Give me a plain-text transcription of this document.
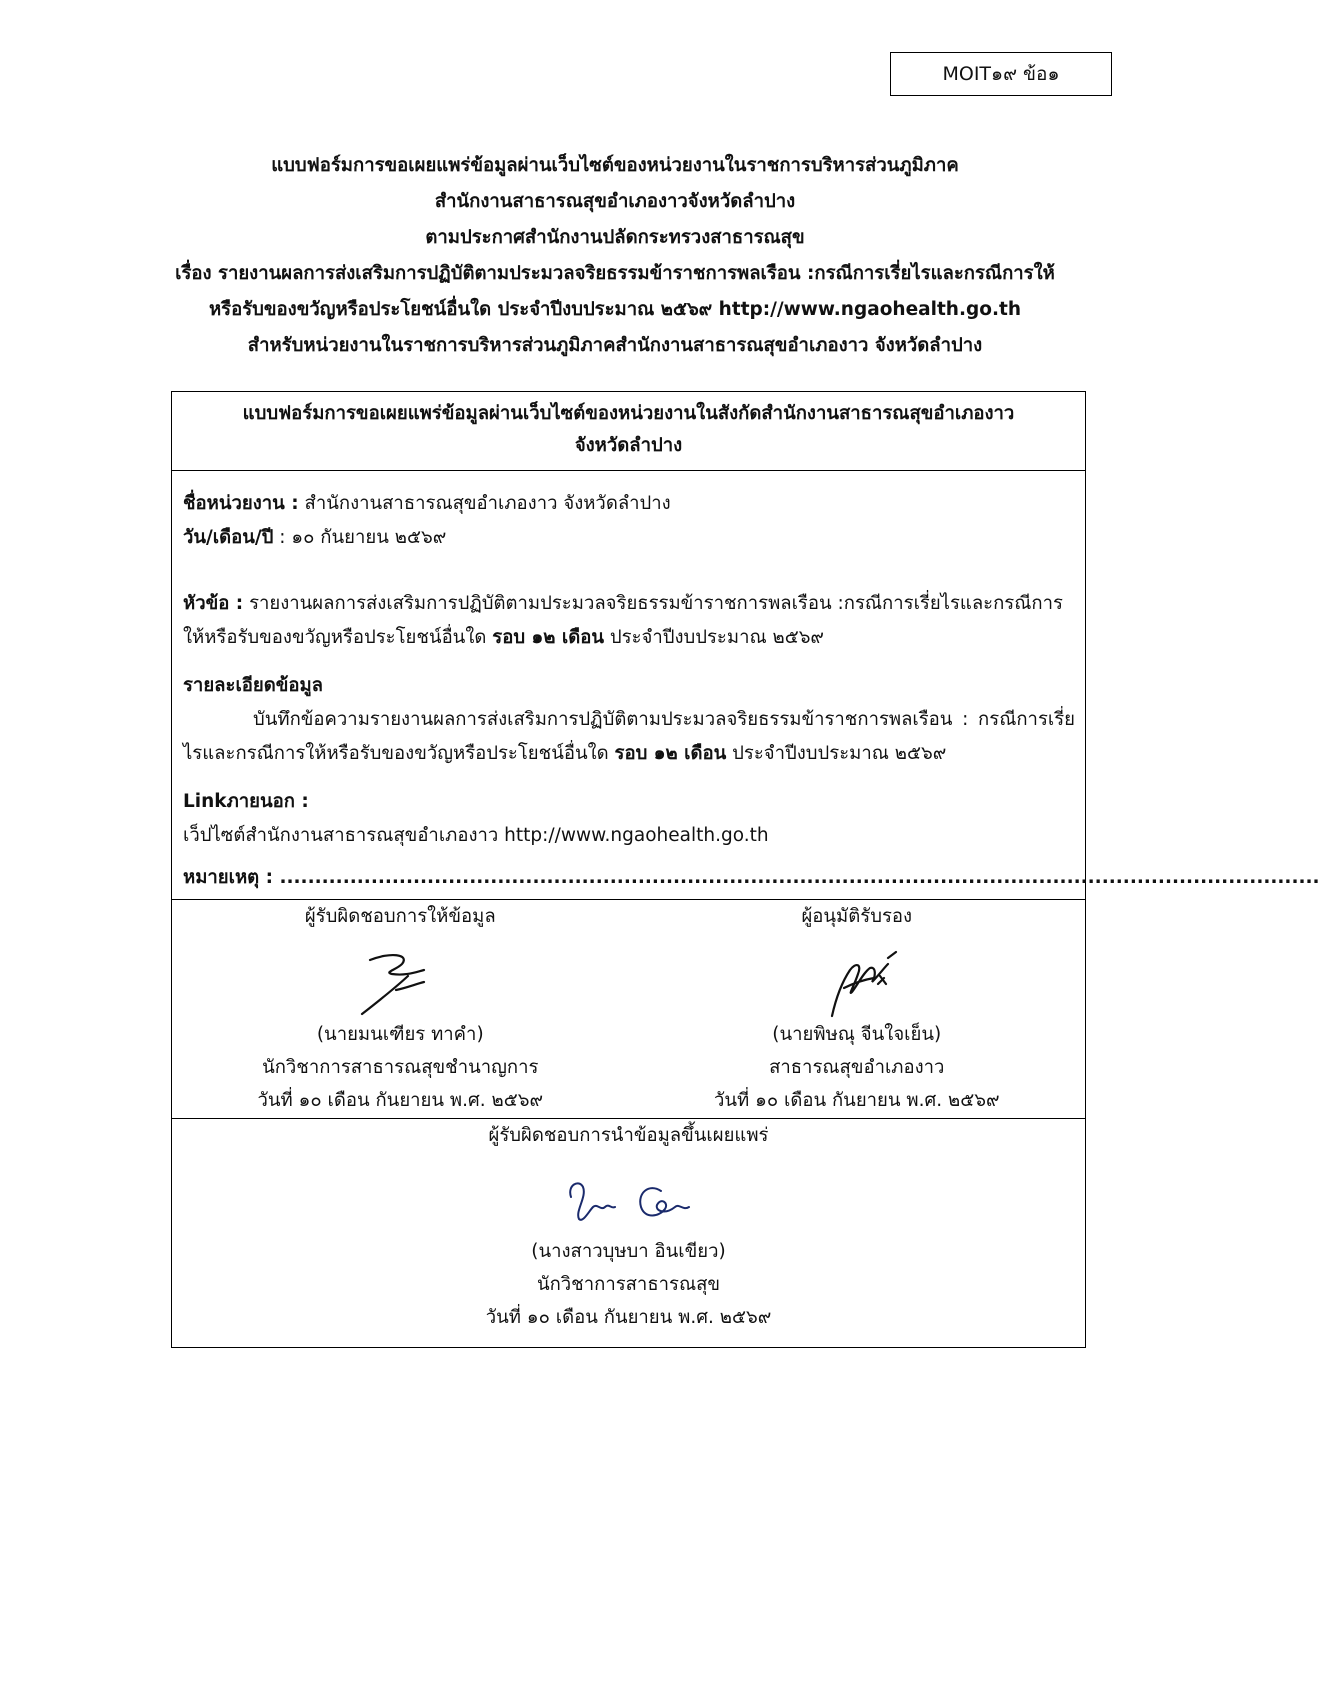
MOIT๑๙ ข้อ๑
แบบฟอร์มการขอเผยแพร่ข้อมูลผ่านเว็บไซต์ของหน่วยงานในราชการบริหารส่วนภูมิภาค
สำนักงานสาธารณสุขอำเภองาวจังหวัดลำปาง
ตามประกาศสำนักงานปลัดกระทรวงสาธารณสุข
เรื่อง รายงานผลการส่งเสริมการปฏิบัติตามประมวลจริยธรรมข้าราชการพลเรือน :กรณีการเรี่ยไรและกรณีการให้
หรือรับของขวัญหรือประโยชน์อื่นใด ประจำปีงบประมาณ ๒๕๖๙ http://www.ngaohealth.go.th
สำหรับหน่วยงานในราชการบริหารส่วนภูมิภาคสำนักงานสาธารณสุขอำเภองาว จังหวัดลำปาง
แบบฟอร์มการขอเผยแพร่ข้อมูลผ่านเว็บไซต์ของหน่วยงานในสังกัดสำนักงานสาธารณสุขอำเภองาว
จังหวัดลำปาง

ชื่อหน่วยงาน : สำนักงานสาธารณสุขอำเภองาว จังหวัดลำปาง

วัน/เดือน/ปี : ๑๐ กันยายน ๒๕๖๙

หัวข้อ : รายงานผลการส่งเสริมการปฏิบัติตามประมวลจริยธรรมข้าราชการพลเรือน :กรณีการเรี่ยไรและกรณีการให้หรือรับของขวัญหรือประโยชน์อื่นใด รอบ ๑๒ เดือน ประจำปีงบประมาณ ๒๕๖๙

รายละเอียดข้อมูล

บันทึกข้อความรายงานผลการส่งเสริมการปฏิบัติตามประมวลจริยธรรมข้าราชการพลเรือน : กรณีการเรี่ยไรและกรณีการให้หรือรับของขวัญหรือประโยชน์อื่นใด รอบ ๑๒ เดือน ประจำปีงบประมาณ ๒๕๖๙

Linkภายนอก :

เว็ปไซต์สำนักงานสาธารณสุขอำเภองาว http://www.ngaohealth.go.th

หมายเหตุ : ....................................................................................................................................................

ผู้รับผิดชอบการให้ข้อมูล
(นายมนเฑียร ทาคำ)
นักวิชาการสาธารณสุขชำนาญการ
วันที่ ๑๐ เดือน กันยายน พ.ศ. ๒๕๖๙
ผู้อนุมัติรับรอง
(นายพิษณุ จีนใจเย็น)
สาธารณสุขอำเภองาว
วันที่ ๑๐ เดือน กันยายน พ.ศ. ๒๕๖๙
ผู้รับผิดชอบการนำข้อมูลขึ้นเผยแพร่
(นางสาวบุษบา อินเขียว)
นักวิชาการสาธารณสุข
วันที่ ๑๐ เดือน กันยายน พ.ศ. ๒๕๖๙
